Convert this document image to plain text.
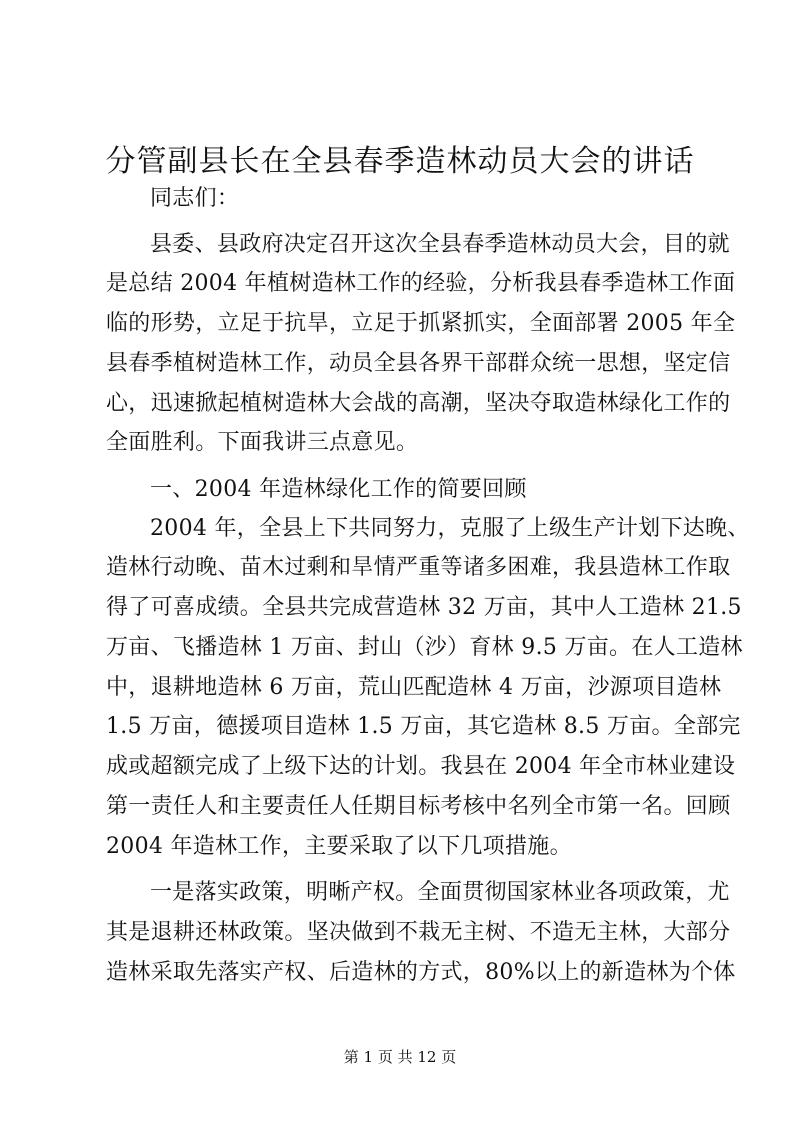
分管副县长在全县春季造林动员大会的讲话
同志们：
县委、县政府决定召开这次全县春季造林动员大会，目的就
是总结 2004 年植树造林工作的经验，分析我县春季造林工作面
临的形势，立足于抗旱，立足于抓紧抓实，全面部署 2005 年全
县春季植树造林工作，动员全县各界干部群众统一思想，坚定信
心，迅速掀起植树造林大会战的高潮，坚决夺取造林绿化工作的
全面胜利。下面我讲三点意见。
一、2004 年造林绿化工作的简要回顾
2004 年，全县上下共同努力，克服了上级生产计划下达晚、
造林行动晚、苗木过剩和旱情严重等诸多困难，我县造林工作取
得了可喜成绩。全县共完成营造林 32 万亩，其中人工造林 21.5
万亩、飞播造林 1 万亩、封山（沙）育林 9.5 万亩。在人工造林
中，退耕地造林 6 万亩，荒山匹配造林 4 万亩，沙源项目造林
1.5 万亩，德援项目造林 1.5 万亩，其它造林 8.5 万亩。全部完
成或超额完成了上级下达的计划。我县在 2004 年全市林业建设
第一责任人和主要责任人任期目标考核中名列全市第一名。回顾
2004 年造林工作，主要采取了以下几项措施。
一是落实政策，明晰产权。全面贯彻国家林业各项政策，尤
其是退耕还林政策。坚决做到不栽无主树、不造无主林，大部分
造林采取先落实产权、后造林的方式，80%以上的新造林为个体
第 1 页 共 12 页
